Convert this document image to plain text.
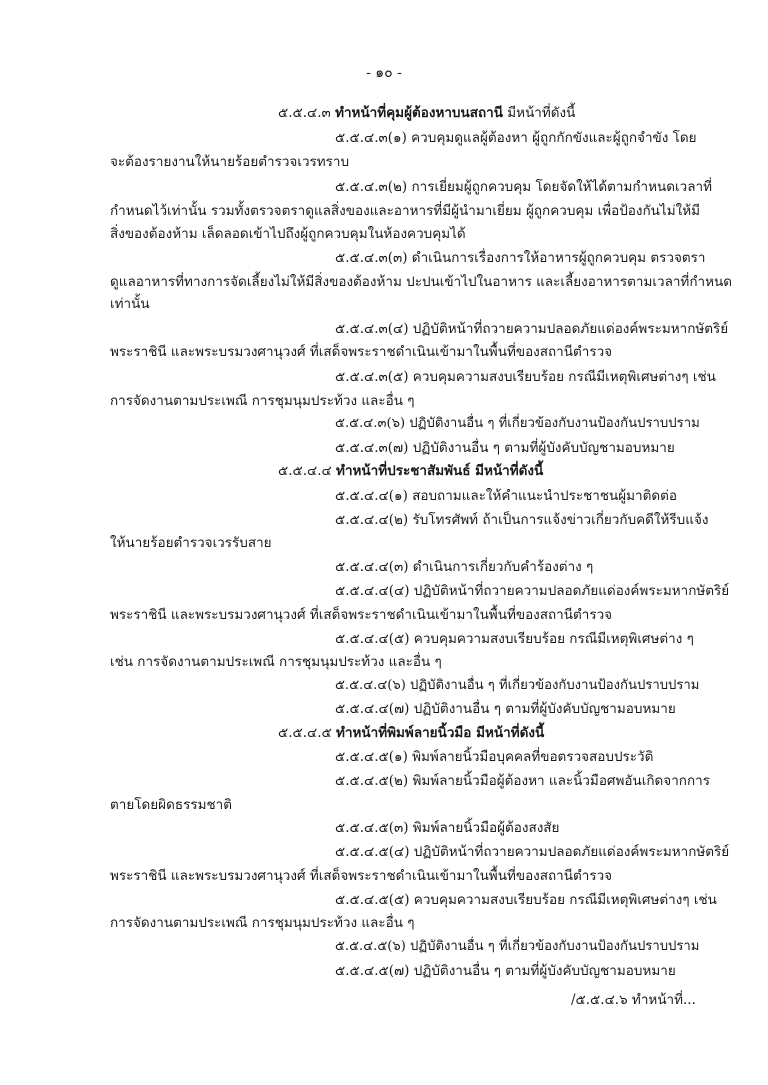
- ๑๐ -
๕.๕.๔.๓ ทำหน้าที่คุมผู้ต้องหาบนสถานี มีหน้าที่ดังนี้
๕.๕.๔.๓(๑) ควบคุมดูแลผู้ต้องหา ผู้ถูกกักขังและผู้ถูกจำขัง โดย
จะต้องรายงานให้นายร้อยตำรวจเวรทราบ
๕.๕.๔.๓(๒) การเยี่ยมผู้ถูกควบคุม โดยจัดให้ได้ตามกำหนดเวลาที่
กำหนดไว้เท่านั้น รวมทั้งตรวจตราดูแลสิ่งของและอาหารที่มีผู้นำมาเยี่ยม ผู้ถูกควบคุม เพื่อป้องกันไม่ให้มี
สิ่งของต้องห้าม เล็ดลอดเข้าไปถึงผู้ถูกควบคุมในห้องควบคุมได้
๕.๕.๔.๓(๓) ดำเนินการเรื่องการให้อาหารผู้ถูกควบคุม ตรวจตรา
ดูแลอาหารที่ทางการจัดเลี้ยงไม่ให้มีสิ่งของต้องห้าม ปะปนเข้าไปในอาหาร และเลี้ยงอาหารตามเวลาที่กำหนด
เท่านั้น
๕.๕.๔.๓(๔) ปฏิบัติหน้าที่ถวายความปลอดภัยแด่องค์พระมหากษัตริย์
พระราชินี และพระบรมวงศานุวงศ์ ที่เสด็จพระราชดำเนินเข้ามาในพื้นที่ของสถานีตำรวจ
๕.๕.๔.๓(๕) ควบคุมความสงบเรียบร้อย กรณีมีเหตุพิเศษต่างๆ เช่น
การจัดงานตามประเพณี การชุมนุมประท้วง และอื่น ๆ
๕.๕.๔.๓(๖) ปฏิบัติงานอื่น ๆ ที่เกี่ยวข้องกับงานป้องกันปราบปราม
๕.๕.๔.๓(๗) ปฏิบัติงานอื่น ๆ ตามที่ผู้บังคับบัญชามอบหมาย
๕.๕.๔.๔ ทำหน้าที่ประชาสัมพันธ์ มีหน้าที่ดังนี้
๕.๕.๔.๔(๑) สอบถามและให้คำแนะนำประชาชนผู้มาติดต่อ
๕.๕.๔.๔(๒) รับโทรศัพท์ ถ้าเป็นการแจ้งข่าวเกี่ยวกับคดีให้รีบแจ้ง
ให้นายร้อยตำรวจเวรรับสาย
๕.๕.๔.๔(๓) ดำเนินการเกี่ยวกับคำร้องต่าง ๆ
๕.๕.๔.๔(๔) ปฏิบัติหน้าที่ถวายความปลอดภัยแด่องค์พระมหากษัตริย์
พระราชินี และพระบรมวงศานุวงศ์ ที่เสด็จพระราชดำเนินเข้ามาในพื้นที่ของสถานีตำรวจ
๕.๕.๔.๔(๕) ควบคุมความสงบเรียบร้อย กรณีมีเหตุพิเศษต่าง ๆ
เช่น การจัดงานตามประเพณี การชุมนุมประท้วง และอื่น ๆ
๕.๕.๔.๔(๖) ปฏิบัติงานอื่น ๆ ที่เกี่ยวข้องกับงานป้องกันปราบปราม
๕.๕.๔.๔(๗) ปฏิบัติงานอื่น ๆ ตามที่ผู้บังคับบัญชามอบหมาย
๕.๕.๔.๕ ทำหน้าที่พิมพ์ลายนิ้วมือ มีหน้าที่ดังนี้
๕.๕.๔.๕(๑) พิมพ์ลายนิ้วมือบุคคลที่ขอตรวจสอบประวัติ
๕.๕.๔.๕(๒) พิมพ์ลายนิ้วมือผู้ต้องหา และนิ้วมือศพอันเกิดจากการ
ตายโดยผิดธรรมชาติ
๕.๕.๔.๕(๓) พิมพ์ลายนิ้วมือผู้ต้องสงสัย
๕.๕.๔.๕(๔) ปฏิบัติหน้าที่ถวายความปลอดภัยแด่องค์พระมหากษัตริย์
พระราชินี และพระบรมวงศานุวงศ์ ที่เสด็จพระราชดำเนินเข้ามาในพื้นที่ของสถานีตำรวจ
๕.๕.๔.๕(๕) ควบคุมความสงบเรียบร้อย กรณีมีเหตุพิเศษต่างๆ เช่น
การจัดงานตามประเพณี การชุมนุมประท้วง และอื่น ๆ
๕.๕.๔.๕(๖) ปฏิบัติงานอื่น ๆ ที่เกี่ยวข้องกับงานป้องกันปราบปราม
๕.๕.๔.๕(๗) ปฏิบัติงานอื่น ๆ ตามที่ผู้บังคับบัญชามอบหมาย
/๕.๕.๔.๖ ทำหน้าที่...
